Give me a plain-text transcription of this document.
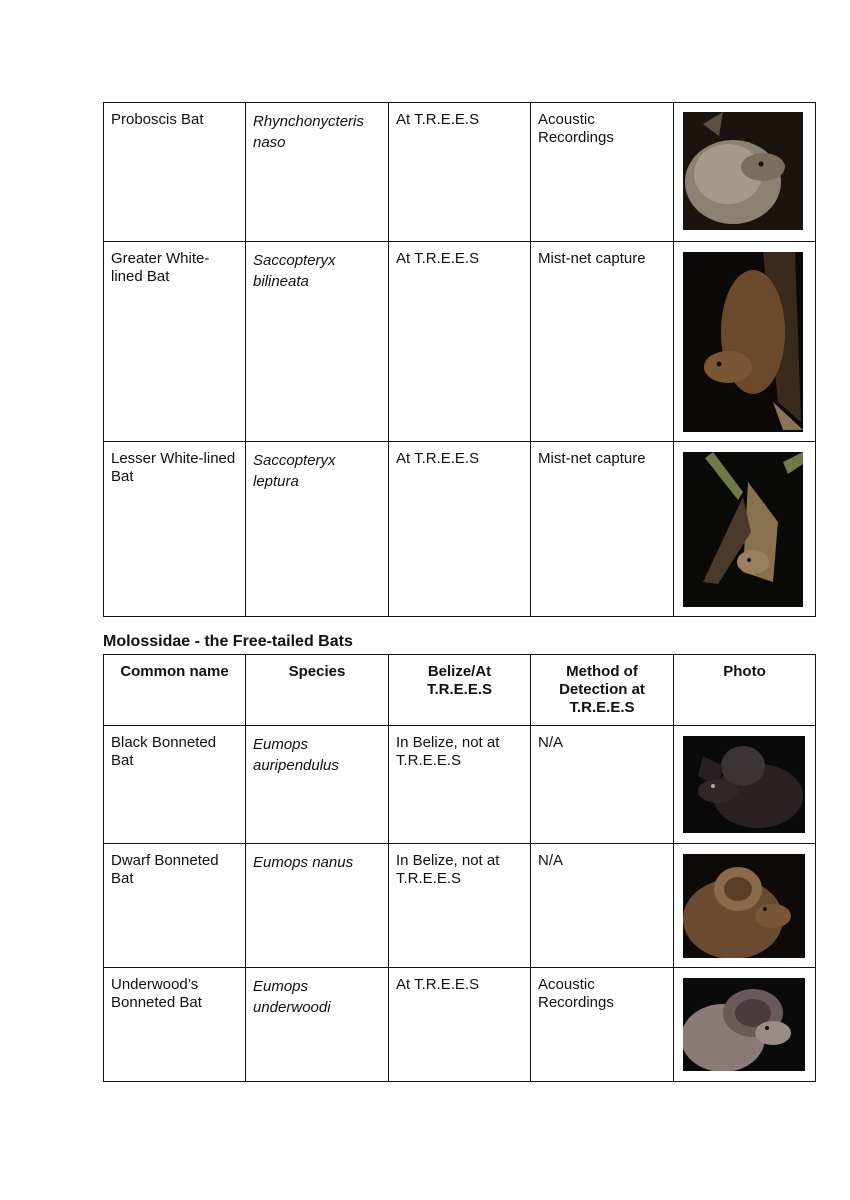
Proboscis Bat	Rhynchonycteris naso	At T.R.E.E.S	Acoustic Recordings	

Greater White-lined Bat	Saccopteryx bilineata	At T.R.E.E.S	Mist-net capture	

Lesser White-lined Bat	Saccopteryx leptura	At T.R.E.E.S	Mist-net capture	
Molossidae - the Free-tailed Bats
Common name	Species	Belize/At T.R.E.E.S	Method of Detection at T.R.E.E.S	Photo
Black Bonneted Bat	Eumops auripendulus	In Belize, not at T.R.E.E.S	N/A	

Dwarf Bonneted Bat	Eumops nanus	In Belize, not at T.R.E.E.S	N/A	

Underwood’s Bonneted Bat	Eumops underwoodi	At T.R.E.E.S	Acoustic Recordings	
